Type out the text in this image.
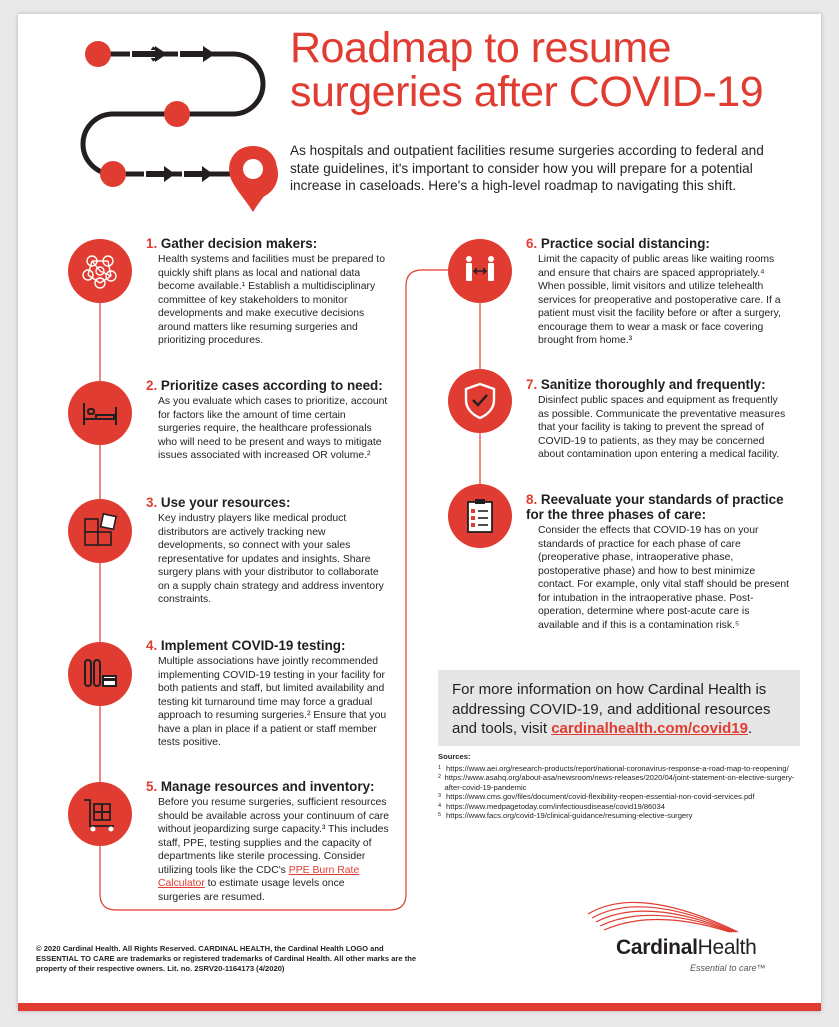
Roadmap to resume surgeries after COVID-19

As hospitals and outpatient facilities resume surgeries according to federal and state guidelines, it's important to consider how you will prepare for a potential increase in caseloads. Here's a high-level roadmap to navigating this shift.

1. Gather decision makers:

Health systems and facilities must be prepared to quickly shift plans as local and national data become available.¹ Establish a multidisciplinary committee of key stakeholders to monitor developments and make executive decisions around matters like resuming surgeries and prioritizing procedures.

2. Prioritize cases according to need:

As you evaluate which cases to prioritize, account for factors like the amount of time certain surgeries require, the healthcare professionals who will need to be present and ways to mitigate issues associated with increased OR volume.²

3. Use your resources:

Key industry players like medical product distributors are actively tracking new developments, so connect with your sales representative for updates and insights. Share surgery plans with your distributor to collaborate on a supply chain strategy and address inventory constraints.

4. Implement COVID-19 testing:

Multiple associations have jointly recommended implementing COVID-19 testing in your facility for both patients and staff, but limited availability and testing kit turnaround time may force a gradual approach to resuming surgeries.² Ensure that you have a plan in place if a patient or staff member tests positive.

5. Manage resources and inventory:

Before you resume surgeries, sufficient resources should be available across your continuum of care without jeopardizing surge capacity.³ This includes staff, PPE, testing supplies and the capacity of departments like sterile processing. Consider utilizing tools like the CDC's PPE Burn Rate Calculator to estimate usage levels once surgeries are resumed.

6. Practice social distancing:

Limit the capacity of public areas like waiting rooms and ensure that chairs are spaced appropriately.⁴ When possible, limit visitors and utilize telehealth services for preoperative and postoperative care. If a patient must visit the facility before or after a surgery, encourage them to wear a mask or face covering brought from home.³

7. Sanitize thoroughly and frequently:

Disinfect public spaces and equipment as frequently as possible. Communicate the preventative measures that your facility is taking to prevent the spread of COVID-19 to patients, as they may be concerned about contamination upon entering a medical facility.

8. Reevaluate your standards of practice for the three phases of care:

Consider the effects that COVID-19 has on your standards of practice for each phase of care (preoperative phase, intraoperative phase, postoperative phase) and how to best minimize contact. For example, only vital staff should be present for intubation in the intraoperative phase. Post-operation, determine where post-acute care is available and if this is a contamination risk.⁵

For more information on how Cardinal Health is addressing COVID-19, and additional resources and tools, visit cardinalhealth.com/covid19.
Sources:
1 https://www.aei.org/research-products/report/national-coronavirus-response-a-road-map-to-reopening/
2 https://www.asahq.org/about-asa/newsroom/news-releases/2020/04/joint-statement-on-elective-surgery-after-covid-19-pandemic
3 https://www.cms.gov/files/document/covid-flexibility-reopen-essential-non-covid-services.pdf
4 https://www.medpagetoday.com/infectiousdisease/covid19/86034
5 https://www.facs.org/covid-19/clinical-guidance/resuming-elective-surgery
CardinalHealth
Essential to care™

© 2020 Cardinal Health. All Rights Reserved. CARDINAL HEALTH, the Cardinal Health LOGO and ESSENTIAL TO CARE are trademarks or registered trademarks of Cardinal Health. All other marks are the property of their respective owners. Lit. no. 2SRV20-1164173 (4/2020)
